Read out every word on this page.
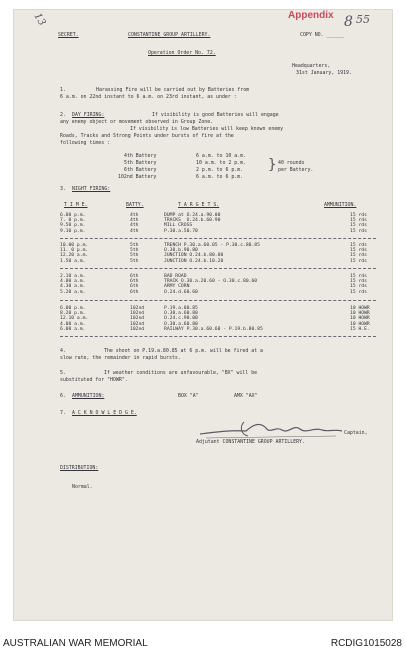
13	Appendix 8 55
SECRET.	CONSTANTINE GROUP ARTILLERY.	COPY NO. ______
Operation Order No. 72.
Headquarters,
31st January, 1919.
1.	Harassing Fire will be carried out by Batteries from
6 a.m. on 22nd instant to 6 a.m. on 23rd instant, as under :
2. DAY FIRING:	If visibility is good Batteries will engage
any enemy object or movement observed in Group Zone.
If visibility is low Batteries will keep known enemy
Roads, Tracks and Strong Points under bursts of fire at the
following times :
4th Battery	6 a.m. to 10 a.m.
5th Battery	10 a.m. to 2 p.m.
6th Battery	2 p.m. to 6 p.m.
102nd Battery	6 a.m. to 6 p.m.
} 40 rounds
per Battery.
3. NIGHT FIRING:
T I M E.	BATTY.	T A R G E T S.	AMMUNITION.
6.00 p.m.	4th	DUMP at O.24.a.90.00	15 rds
7. 0 p.m.	4th	TRACKS  O.24.b.60.90	15 rds
9.50 p.m.	4th	MILL CROSS	15 rds
9.10 p.m.	4th	P.30.a.50.70	15 rds
10.00 p.m.	5th	TRENCH P.30.a.60.05 - P.30.c.80.85	15 rds
11. 0 p.m.	5th	O.30.b.90.80	15 rds
12.20 a.m.	5th	JUNCTION O.24.b.80.80	15 rds
1.50 a.m.	5th	JUNCTION O.24.b.10.20	15 rds
2.10 a.m.	6th	BAD ROAD	15 rds
4.00 a.m.	6th	TRACK O.30.a.20.60 - O.30.c.80.60	15 rds
4.30 a.m.	6th	ARMY CORN	15 rds
5.20 a.m.	6th	O.24.d.60.60	15 rds
6.00 p.m.	102nd	P.19.a.80.85	10 HOWR
8.20 p.m.	102nd	O.30.a.60.80	10 HOWR
12.10 a.m.	102nd	O.24.c.90.00	10 HOWR
4.00 a.m.	102nd	O.30.a.60.80	10 HOWR
6.00 a.m.	102nd	RAILWAY P.30.a.60.60 - P.19.b.80.85	15 H.E.
4.	The shoot on P.19.a.80.85 at 6 p.m. will be fired at a
slow rate, the remainder in rapid bursts.
5.	If weather conditions are unfavourable, "BX" will be
substituted for "HOWR".
6. AMMUNITION:	BOX "A"	AMX "AX"
7. A C K N O W L E D G E.
Captain,
Adjutant CONSTANTINE GROUP ARTILLERY.
DISTRIBUTION:
Normal.
AUSTRALIAN WAR MEMORIAL	RCDIG1015028
